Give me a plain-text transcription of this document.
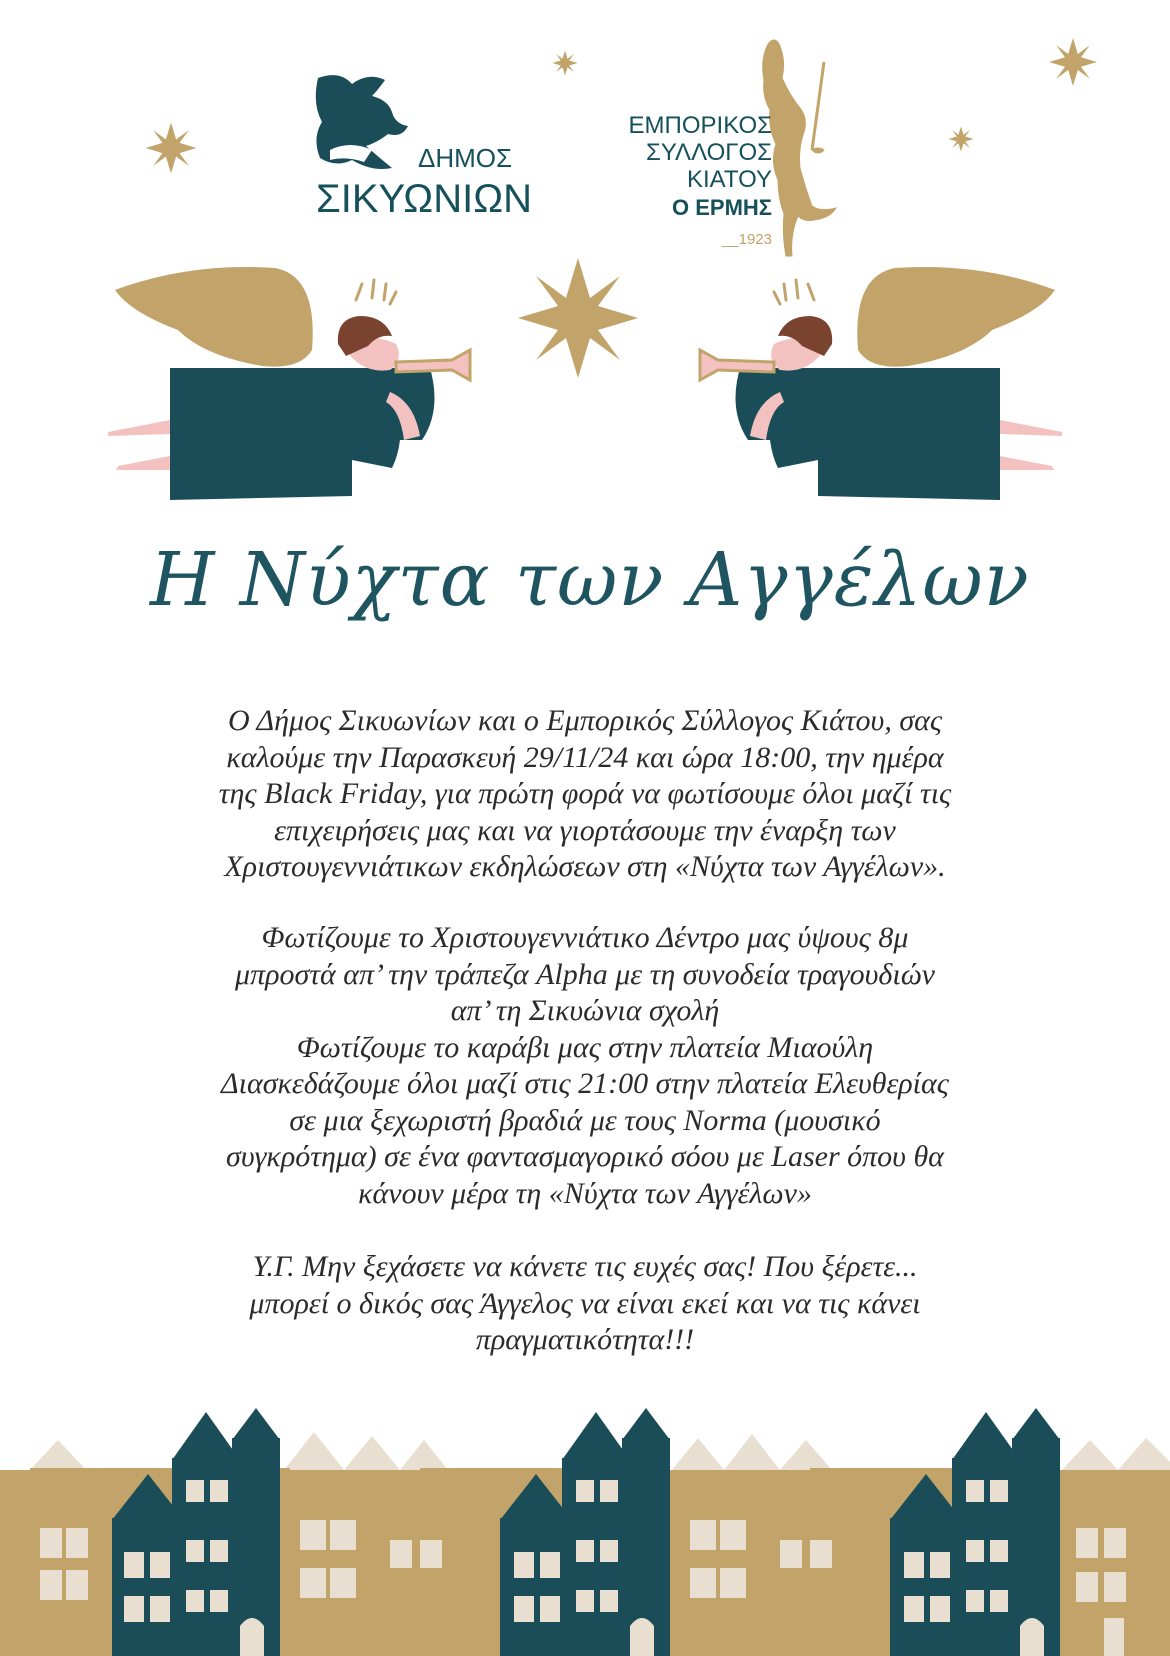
ΔΗΜΟΣ
ΣΙΚΥΩΝΙΩΝ
ΕΜΠΟΡΙΚΟΣ
ΣΥΛΛΟΓΟΣ
ΚΙΑΤΟΥ
Ο ΕΡΜΗΣ
__1923
Η Νύχτα των Αγγέλων

Ο Δήμος Σικυωνίων και ο Εμπορικός Σύλλογος Κιάτου, σας

καλούμε την Παρασκευή 29/11/24 και ώρα 18:00, την ημέρα

της Black Friday, για πρώτη φορά να φωτίσουμε όλοι μαζί τις

επιχειρήσεις μας και να γιορτάσουμε την έναρξη των

Χριστουγεννιάτικων εκδηλώσεων στη «Νύχτα των Αγγέλων».

Φωτίζουμε το Χριστουγεννιάτικο Δέντρο μας ύψους 8μ

μπροστά απ’ την τράπεζα Alpha με τη συνοδεία τραγουδιών

απ’ τη Σικυώνια σχολή

Φωτίζουμε το καράβι μας στην πλατεία Μιαούλη

Διασκεδάζουμε όλοι μαζί στις 21:00 στην πλατεία Ελευθερίας

σε μια ξεχωριστή βραδιά με τους Norma (μουσικό

συγκρότημα) σε ένα φαντασμαγορικό σόου με Laser όπου θα

κάνουν μέρα τη «Νύχτα των Αγγέλων»

Υ.Γ. Μην ξεχάσετε να κάνετε τις ευχές σας! Που ξέρετε...

μπορεί ο δικός σας Άγγελος να είναι εκεί και να τις κάνει

πραγματικότητα!!!
